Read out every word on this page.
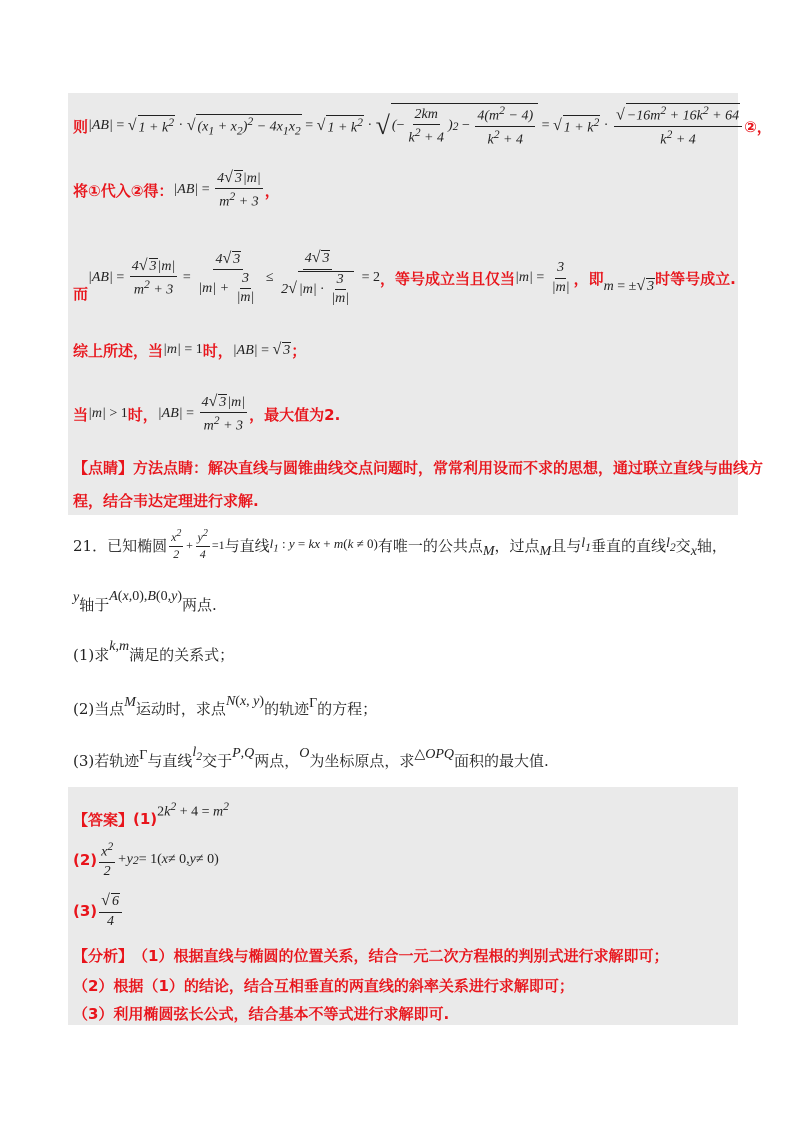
则 | AB | = √ $1 + k^2$ · √ $(x_1 + x_2)^2 - 4x_1x_2$ = √ $1 + k^2$ · √ ( − $\frac{2km}{k^2 + 4}$ ) $2 - \frac{4(m^2 - 4)}{k^2 + 4}$ = √ $1 + k^2 \cdot \frac{√ -16m^2 + 16k^2 + 64}{k^2 + 4}$ ②，
将①代入②得： | AB | = $\frac{4√ 3|m|}{m^2 + 3}$ ，
而
| AB | = $\frac{4√ 3|m|}{m^2 + 3} = \frac{4√ 3}{|m| + \frac{3}{|m|}} \le \frac{4√ 3}{2√ |m| \cdot \frac{3}{|m|}} = 2$ ，等号成立当且仅当 | m | = $\frac{3}{|m|}$ ，即 m = ±√ 3 时等号成立.
综上所述，当 |m| = 1 时， |AB| = √ 3 ；
当 |m| > 1 时， | AB | = $\frac{4√ 3|m|}{m^2 + 3}$ ，最大值为2.
【点睛】 方法点睛：解决直线与圆锥曲线交点问题时，常常利用设而不求的思想，通过联立直线与曲线方
程，结合韦达定理进行求解.
21．已知椭圆 $\frac{x^2}{2} + \frac{y^2}{4} =1$ 与直线 $l_1$ : y = kx + m(k ≠ 0) 有唯一的公共点 M ，过点 M 且与 $l_1$ 垂直的直线 $l_2$ 交 x 轴，
y 轴于 A(x,0),B(0,y) 两点.
(1)求 k,m 满足的关系式；
(2)当点 M 运动时，求点 N(x, y) 的轨迹 Γ 的方程；
(3)若轨迹 Γ 与直线 $l_2$ 交于 P,Q 两点， O 为坐标原点，求 △OPQ 面积的最大值.
【答案】 (1) $2k^2 + 4 = m^2$
$(2) \frac{x^2}{2} + y$ 2 = 1( x ≠ 0, y ≠ 0)
$(3) \frac{√ 6}{4}$
【分析】 （1）根据直线与椭圆的位置关系，结合一元二次方程根的判别式进行求解即可；
（2）根据（1）的结论，结合互相垂直的两直线的斜率关系进行求解即可；
（3）利用椭圆弦长公式，结合基本不等式进行求解即可.
